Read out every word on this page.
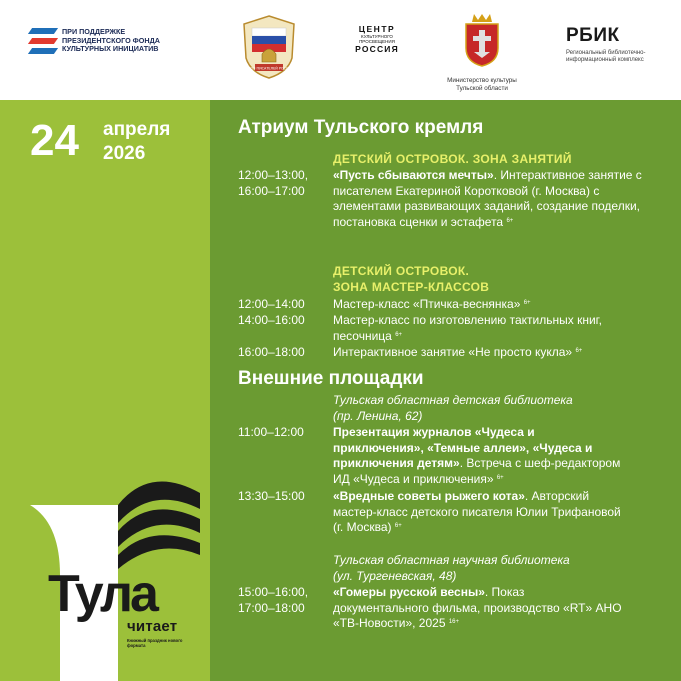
ПРИ ПОДДЕРЖКЕ ПРЕЗИДЕНТСКОГО ФОНДА КУЛЬТУРНЫХ ИНИЦИАТИВ
СОЮЗ ПИСАТЕЛЕЙ РОССИИ
ЦЕНТР
КУЛЬТУРНОГО ПРОСВЕЩЕНИЯ
РОССИЯ
Министерство культуры Тульской области
РБИК
Региональный библиотечно-информационный комплекс
24 апреля
2026
Тула
читает
Книжный праздник нового формата
Атриум Тульского кремля
ДЕТСКИЙ ОСТРОВОК. ЗОНА ЗАНЯТИЙ
12:00–13:00,
16:00–17:00
«Пусть сбываются мечты». Интерактивное занятие с писателем Екатериной Коротковой (г. Москва) с элементами развивающих заданий, создание поделки, постановка сценки и эстафета $^{6+}$
ДЕТСКИЙ ОСТРОВОК.
ЗОНА МАСТЕР-КЛАССОВ
12:00–14:00 Мастер-класс «Птичка-веснянка» $^{6+}$
14:00–16:00 Мастер-класс по изготовлению тактильных книг, песочница $^{6+}$
16:00–18:00 Интерактивное занятие «Не просто кукла» $^{6+}$
Внешние площадки
Тульская областная детская библиотека
(пр. Ленина, 62)
11:00–12:00 Презентация журналов «Чудеса и приключения», «Темные аллеи», «Чудеса и приключения детям». Встреча с шеф-редактором ИД «Чудеса и приключения» $^{6+}$
13:30–15:00 «Вредные советы рыжего кота». Авторский мастер-класс детского писателя Юлии Трифановой (г. Москва) $^{6+}$
Тульская областная научная библиотека
(ул. Тургеневская, 48)
15:00–16:00,
17:00–18:00
«Гомеры русской весны». Показ документального фильма, производство «RT» АНО «ТВ-Новости», 2025 $^{16+}$
